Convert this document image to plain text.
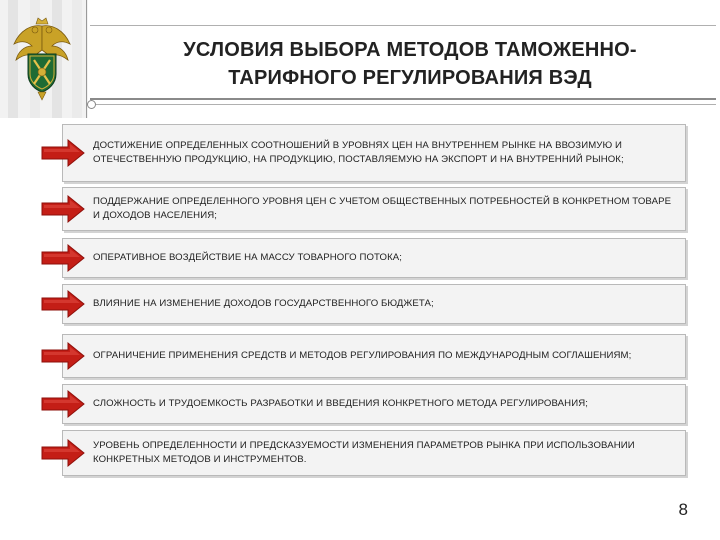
УСЛОВИЯ ВЫБОРА МЕТОДОВ ТАМОЖЕННО-
ТАРИФНОГО РЕГУЛИРОВАНИЯ ВЭД
ДОСТИЖЕНИЕ ОПРЕДЕЛЕННЫХ СООТНОШЕНИЙ В УРОВНЯХ ЦЕН НА ВНУТРЕННЕМ РЫНКЕ НА ВВОЗИМУЮ И ОТЕЧЕСТВЕННУЮ ПРОДУКЦИЮ, НА ПРОДУКЦИЮ, ПОСТАВЛЯЕМУЮ НА ЭКСПОРТ И НА ВНУТРЕННИЙ РЫНОК;
ПОДДЕРЖАНИЕ ОПРЕДЕЛЕННОГО УРОВНЯ ЦЕН С УЧЕТОМ ОБЩЕСТВЕННЫХ ПОТРЕБНОСТЕЙ В КОНКРЕТНОМ ТОВАРЕ И ДОХОДОВ НАСЕЛЕНИЯ;
ОПЕРАТИВНОЕ ВОЗДЕЙСТВИЕ НА МАССУ ТОВАРНОГО ПОТОКА;
ВЛИЯНИЕ НА ИЗМЕНЕНИЕ ДОХОДОВ ГОСУДАРСТВЕННОГО БЮДЖЕТА;
ОГРАНИЧЕНИЕ ПРИМЕНЕНИЯ СРЕДСТВ И МЕТОДОВ РЕГУЛИРОВАНИЯ ПО МЕЖДУНАРОДНЫМ СОГЛАШЕНИЯМ;
СЛОЖНОСТЬ И ТРУДОЕМКОСТЬ РАЗРАБОТКИ И ВВЕДЕНИЯ КОНКРЕТНОГО МЕТОДА РЕГУЛИРОВАНИЯ;
УРОВЕНЬ ОПРЕДЕЛЕННОСТИ И ПРЕДСКАЗУЕМОСТИ ИЗМЕНЕНИЯ ПАРАМЕТРОВ РЫНКА ПРИ ИСПОЛЬЗОВАНИИ КОНКРЕТНЫХ МЕТОДОВ И ИНСТРУМЕНТОВ.
8
